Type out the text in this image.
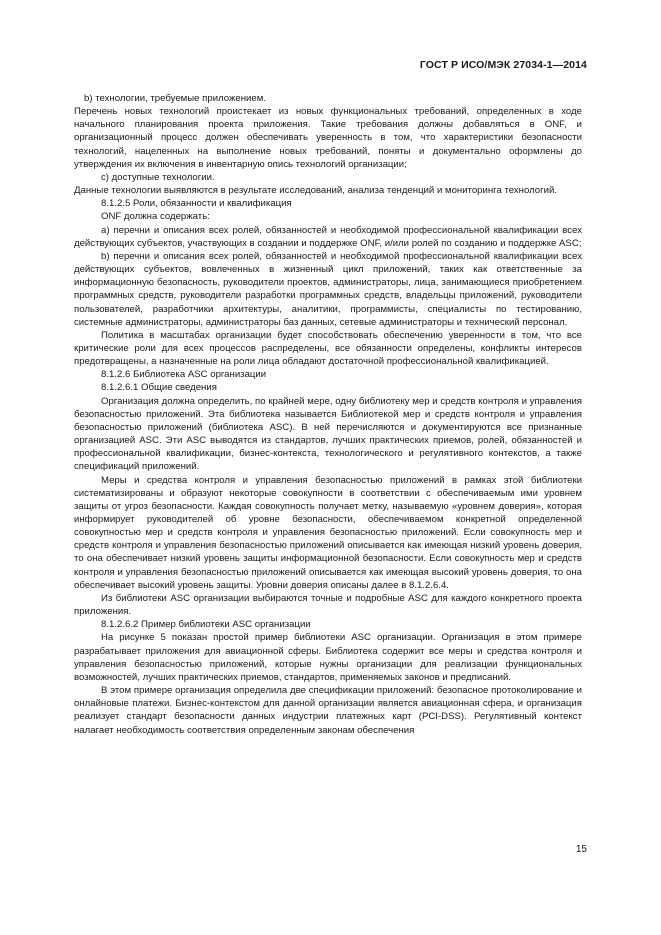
ГОСТ Р ИСО/МЭК 27034-1—2014

b) технологии, требуемые приложением.

Перечень новых технологий проистекает из новых функциональных требований, определенных в ходе начального планирования проекта приложения. Такие требования должны добавляться в ONF, и организационный процесс должен обеспечивать уверенность в том, что характеристики безопасности технологий, нацеленных на выполнение новых требований, поняты и документально оформлены до утверждения их включения в инвентарную опись технологий организации;

с) доступные технологии.

Данные технологии выявляются в результате исследований, анализа тенденций и мониторинга технологий.

8.1.2.5 Роли, обязанности и квалификация

ONF должна содержать:

a) перечни и описания всех ролей, обязанностей и необходимой профессиональной квалификации всех действующих субъектов, участвующих в создании и поддержке ONF, и/или ролей по созданию и поддержке ASC;

b) перечни и описания всех ролей, обязанностей и необходимой профессиональной квалификации всех действующих субъектов, вовлеченных в жизненный цикл приложений, таких как ответственные за информационную безопасность, руководители проектов, администраторы, лица, занимающиеся приобретением программных средств, руководители разработки программных средств, владельцы приложений, руководители пользователей, разработчики архитектуры, аналитики, программисты, специалисты по тестированию, системные администраторы, администраторы баз данных, сетевые администраторы и технический персонал.

Политика в масштабах организации будет способствовать обеспечению уверенности в том, что все критические роли для всех процессов распределены, все обязанности определены, конфликты интересов предотвращены, а назначенные на роли лица обладают достаточной профессиональной квалификацией.

8.1.2.6 Библиотека ASC организации

8.1.2.6.1 Общие сведения

Организация должна определить, по крайней мере, одну библиотеку мер и средств контроля и управления безопасностью приложений. Эта библиотека называется Библиотекой мер и средств контроля и управления безопасностью приложений (библиотека ASC). В ней перечисляются и документируются все признанные организацией ASC. Эти ASC выводятся из стандартов, лучших практических приемов, ролей, обязанностей и профессиональной квалификации, бизнес-контекста, технологического и регулятивного контекстов, а также спецификаций приложений.

Меры и средства контроля и управления безопасностью приложений в рамках этой библиотеки систематизированы и образуют некоторые совокупности в соответствии с обеспечиваемым ими уровнем защиты от угроз безопасности. Каждая совокупность получает метку, называемую «уровнем доверия», которая информирует руководителей об уровне безопасности, обеспечиваемом конкретной определенной совокупностью мер и средств контроля и управления безопасностью приложений. Если совокупность мер и средств контроля и управления безопасностью приложений описывается как имеющая низкий уровень доверия, то она обеспечивает низкий уровень защиты информационной безопасности. Если совокупность мер и средств контроля и управления безопасностью приложений описывается как имеющая высокий уровень доверия, то она обеспечивает высокий уровень защиты. Уровни доверия описаны далее в 8.1.2.6.4.

Из библиотеки ASC организации выбираются точные и подробные ASC для каждого конкретного проекта приложения.

8.1.2.6.2 Пример библиотеки ASC организации

На рисунке 5 показан простой пример библиотеки ASC организации. Организация в этом примере разрабатывает приложения для авиационной сферы. Библиотека содержит все меры и средства контроля и управления безопасностью приложений, которые нужны организации для реализации функциональных возможностей, лучших практических приемов, стандартов, применяемых законов и предписаний.

В этом примере организация определила две спецификации приложений: безопасное протоколирование и онлайновые платежи. Бизнес-контекстом для данной организации является авиационная сфера, и организация реализует стандарт безопасности данных индустрии платежных карт (PCI-DSS). Регулятивный контекст налагает необходимость соответствия определенным законам обеспечения

15
